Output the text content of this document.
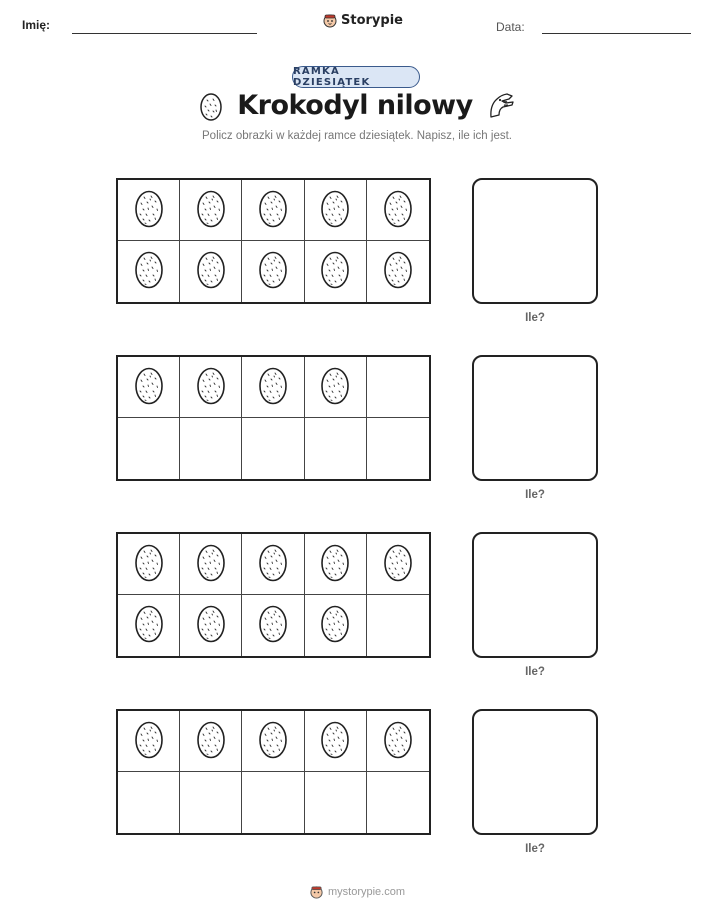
Imię:	Storypie	Data:
RAMKA DZIESIĄTEK
Krokodyl nilowy
Policz obrazki w każdej ramce dziesiątek. Napisz, ile ich jest.
Ile?
Ile?
Ile?
Ile?
mystorypie.com
